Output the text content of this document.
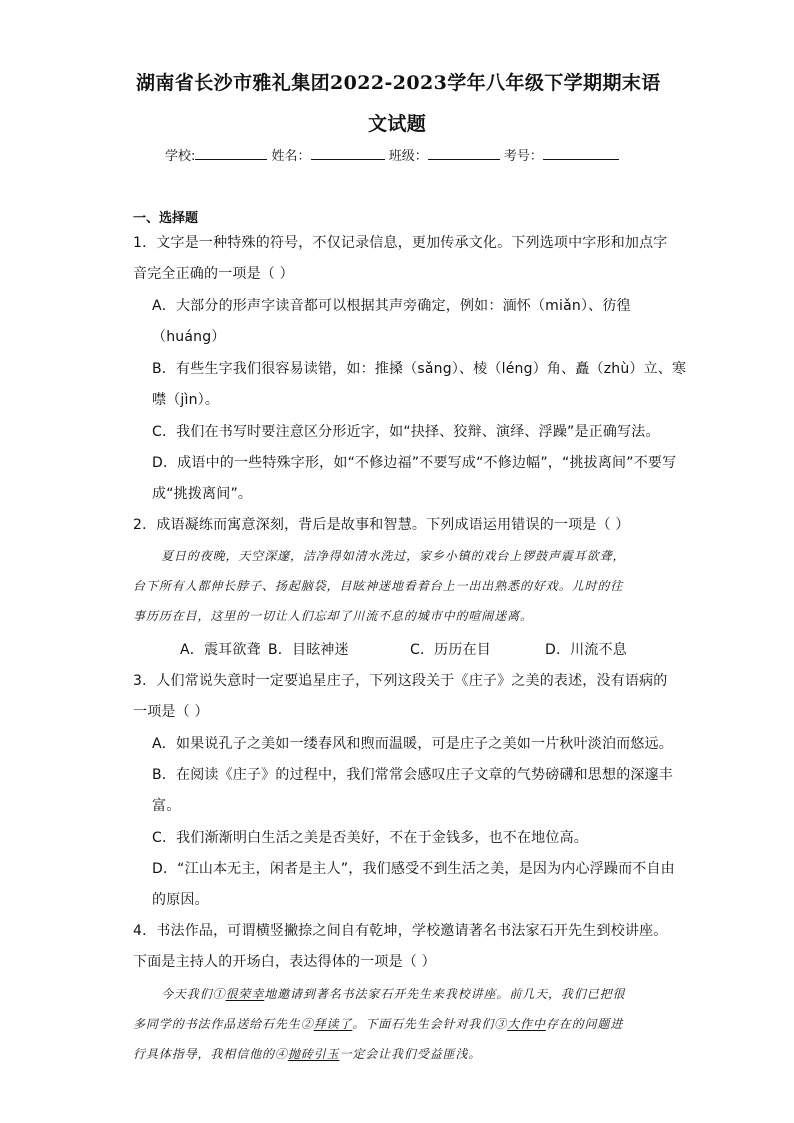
湖南省长沙市雅礼集团2022-2023学年八年级下学期期末语
文试题
学校:	姓名：	班级：	考号：
一、选择题
1．文字是一种特殊的符号，不仅记录信息，更加传承文化。下列选项中字形和加点字
音完全正确的一项是（ ）
A．大部分的形声字读音都可以根据其声旁确定，例如：湎怀（miǎn）、彷徨
（huáng）
B．有些生字我们很容易读错，如：推搡（sǎng）、棱（léng）角、矗（zhù）立、寒
噤（jìn）。
C．我们在书写时要注意区分形近字，如“抉择、狡辩、演绎、浮躁”是正确写法。
D．成语中的一些特殊字形，如“不修边福”不要写成“不修边幅”，“挑拔离间”不要写
成“挑拨离间”。
2．成语凝练而寓意深刻，背后是故事和智慧。下列成语运用错误的一项是（ ）
夏日的夜晚，天空深邃，洁净得如清水洗过，家乡小镇的戏台上锣鼓声震耳欲聋，
台下所有人都伸长脖子、扬起脑袋，目眩神迷地看着台上一出出熟悉的好戏。儿时的往
事历历在目，这里的一切让人们忘却了川流不息的城市中的喧闹迷离。
A．震耳欲聋 B．目眩神迷	C．历历在目	D．川流不息
3．人们常说失意时一定要追星庄子，下列这段关于《庄子》之美的表述，没有语病的
一项是（ ）
A．如果说孔子之美如一缕春风和煦而温暖，可是庄子之美如一片秋叶淡泊而悠远。
B．在阅读《庄子》的过程中，我们常常会感叹庄子文章的气势磅礴和思想的深邃丰
富。
C．我们渐渐明白生活之美是否美好，不在于金钱多，也不在地位高。
D．“江山本无主，闲者是主人”，我们感受不到生活之美，是因为内心浮躁而不自由
的原因。
4．书法作品，可谓横竖撇捺之间自有乾坤，学校邀请著名书法家石开先生到校讲座。
下面是主持人的开场白，表达得体的一项是（ ）
今天我们①很荣幸地邀请到著名书法家石开先生来我校讲座。前几天，我们已把很
多同学的书法作品送给石先生②拜读了。下面石先生会针对我们③大作中存在的问题进
行具体指导，我相信他的④抛砖引玉一定会让我们受益匪浅。
